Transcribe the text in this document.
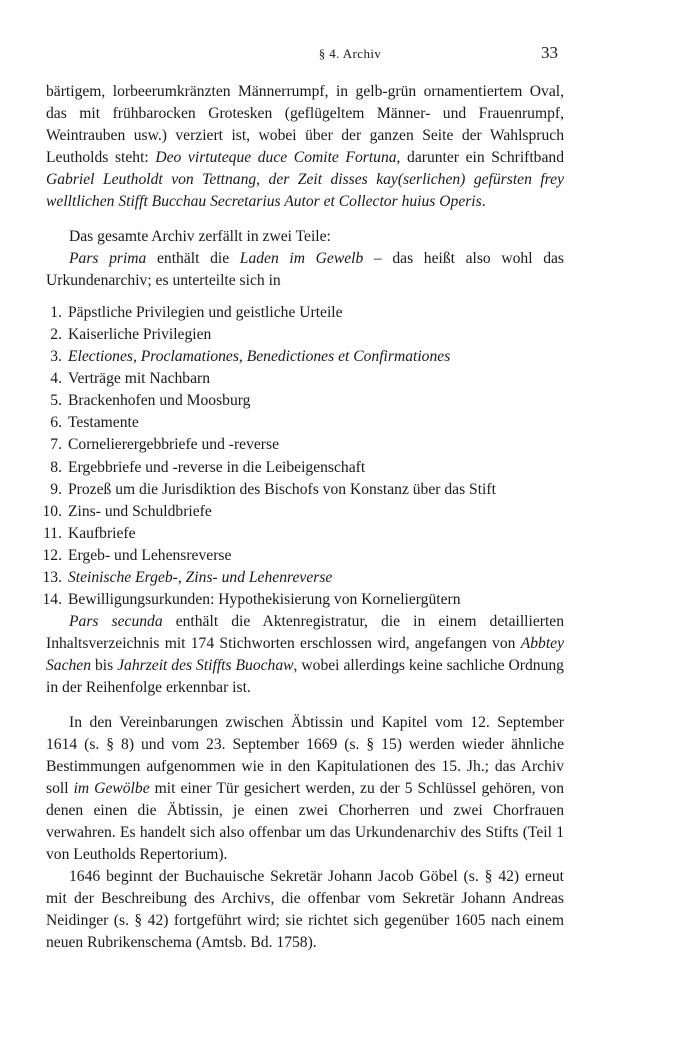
§ 4. Archiv	33

bärtigem, lorbeerumkränzten Männerrumpf, in gelb-grün ornamentiertem Oval, das mit frühbarocken Grotesken (geflügeltem Männer- und Frauenrumpf, Weintrauben usw.) verziert ist, wobei über der ganzen Seite der Wahlspruch Leutholds steht: Deo virtuteque duce Comite Fortuna, darunter ein Schriftband Gabriel Leutholdt von Tettnang, der Zeit disses kay(serlichen) gefürsten frey welltlichen Stifft Bucchau Secretarius Autor et Collector huius Operis.

Das gesamte Archiv zerfällt in zwei Teile:

Pars prima enthält die Laden im Gewelb – das heißt also wohl das Urkundenarchiv; es unterteilte sich in

1. Päpstliche Privilegien und geistliche Urteile
2. Kaiserliche Privilegien
3. Electiones, Proclamationes, Benedictiones et Confirmationes
4. Verträge mit Nachbarn
5. Brackenhofen und Moosburg
6. Testamente
7. Cornelierergebbriefe und -reverse
8. Ergebbriefe und -reverse in die Leibeigenschaft
9. Prozeß um die Jurisdiktion des Bischofs von Konstanz über das Stift
10. Zins- und Schuldbriefe
11. Kaufbriefe
12. Ergeb- und Lehensreverse
13. Steinische Ergeb-, Zins- und Lehenreverse
14. Bewilligungsurkunden: Hypothekisierung von Korneliergütern

Pars secunda enthält die Aktenregistratur, die in einem detaillierten Inhaltsverzeichnis mit 174 Stichworten erschlossen wird, angefangen von Abbtey Sachen bis Jahrzeit des Stiffts Buochaw, wobei allerdings keine sachliche Ordnung in der Reihenfolge erkennbar ist.

In den Vereinbarungen zwischen Äbtissin und Kapitel vom 12. September 1614 (s. § 8) und vom 23. September 1669 (s. § 15) werden wieder ähnliche Bestimmungen aufgenommen wie in den Kapitulationen des 15. Jh.; das Archiv soll im Gewölbe mit einer Tür gesichert werden, zu der 5 Schlüssel gehören, von denen einen die Äbtissin, je einen zwei Chorherren und zwei Chorfrauen verwahren. Es handelt sich also offenbar um das Urkundenarchiv des Stifts (Teil 1 von Leutholds Repertorium).

1646 beginnt der Buchauische Sekretär Johann Jacob Göbel (s. § 42) erneut mit der Beschreibung des Archivs, die offenbar vom Sekretär Johann Andreas Neidinger (s. § 42) fortgeführt wird; sie richtet sich gegenüber 1605 nach einem neuen Rubrikenschema (Amtsb. Bd. 1758).
